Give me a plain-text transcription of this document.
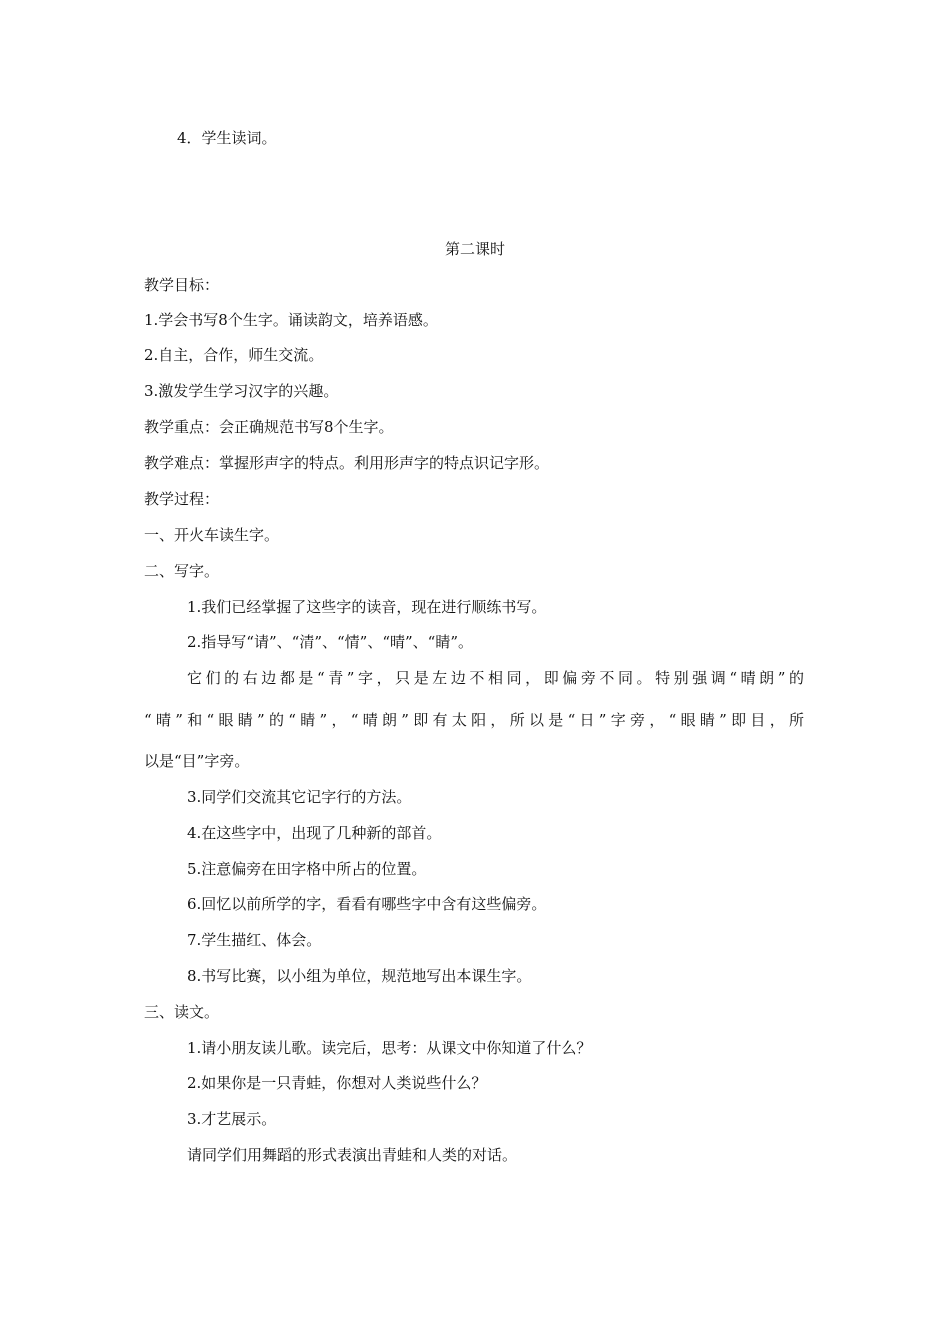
4．学生读词。
第二课时
教学目标：
1.学会书写8个生字。诵读韵文，培养语感。
2.自主，合作，师生交流。
3.激发学生学习汉字的兴趣。
教学重点：会正确规范书写8个生字。
教学难点：掌握形声字的特点。利用形声字的特点识记字形。
教学过程：
一、开火车读生字。
二、写字。
1.我们已经掌握了这些字的读音，现在进行顺练书写。
2.指导写“请”、“清”、“情”、“晴”、“睛”。
它们的右边都是“青”字，只是左边不相同，即偏旁不同。特别强调“晴朗”的
“晴”和“眼睛”的“睛”，“晴朗”即有太阳，所以是“日”字旁，“眼睛”即目，所
以是“目”字旁。
3.同学们交流其它记字行的方法。
4.在这些字中，出现了几种新的部首。
5.注意偏旁在田字格中所占的位置。
6.回忆以前所学的字，看看有哪些字中含有这些偏旁。
7.学生描红、体会。
8.书写比赛，以小组为单位，规范地写出本课生字。
三、读文。
1.请小朋友读儿歌。读完后，思考：从课文中你知道了什么？
2.如果你是一只青蛙，你想对人类说些什么？
3.才艺展示。
请同学们用舞蹈的形式表演出青蛙和人类的对话。
